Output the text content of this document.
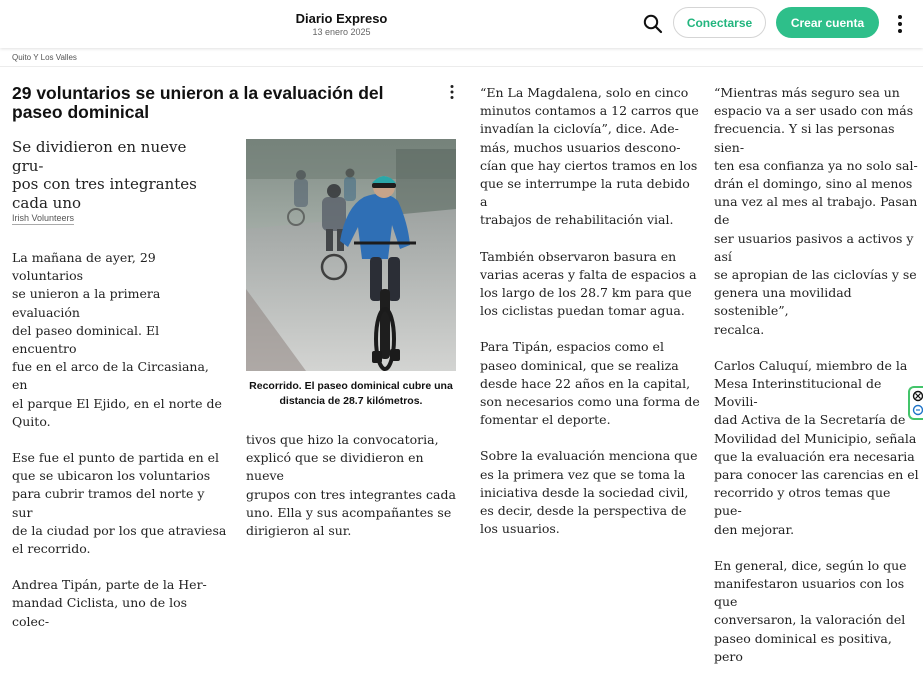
Diario Expreso
13 enero 2025
Conectarse	Crear cuenta
Quito Y Los Valles
29 voluntarios se unieron a la evaluación del paseo dominical
Se dividieron en nueve gru-
pos con tres integrantes
cada uno
Irish Volunteers

La mañana de ayer, 29 voluntarios
se unieron a la primera evaluación
del paseo dominical. El encuentro
fue en el arco de la Circasiana, en
el parque El Ejido, en el norte de
Quito.

Ese fue el punto de partida en el
que se ubicaron los voluntarios
para cubrir tramos del norte y sur
de la ciudad por los que atraviesa
el recorrido.

Andrea Tipán, parte de la Her-
mandad Ciclista, uno de los colec-

Recorrido. El paseo dominical cubre una distancia de 28.7 kilómetros.

tivos que hizo la convocatoria,
explicó que se dividieron en nueve
grupos con tres integrantes cada
uno. Ella y sus acompañantes se
dirigieron al sur.

“En La Magdalena, solo en cinco
minutos contamos a 12 carros que
invadían la ciclovía”, dice. Ade-
más, muchos usuarios descono-
cían que hay ciertos tramos en los
que se interrumpe la ruta debido a
trabajos de rehabilitación vial.

También observaron basura en
varias aceras y falta de espacios a
los largo de los 28.7 km para que
los ciclistas puedan tomar agua.

Para Tipán, espacios como el
paseo dominical, que se realiza
desde hace 22 años en la capital,
son necesarios como una forma de
fomentar el deporte.

Sobre la evaluación menciona que
es la primera vez que se toma la
iniciativa desde la sociedad civil,
es decir, desde la perspectiva de
los usuarios.

“Mientras más seguro sea un
espacio va a ser usado con más
frecuencia. Y si las personas sien-
ten esa confianza ya no solo sal-
drán el domingo, sino al menos
una vez al mes al trabajo. Pasan de
ser usuarios pasivos a activos y así
se apropian de las ciclovías y se
genera una movilidad sostenible”,
recalca.

Carlos Caluquí, miembro de la
Mesa Interinstitucional de Movili-
dad Activa de la Secretaría de
Movilidad del Municipio, señala
que la evaluación era necesaria
para conocer las carencias en el
recorrido y otros temas que pue-
den mejorar.

En general, dice, según lo que
manifestaron usuarios con los que
conversaron, la valoración del
paseo dominical es positiva, pero
